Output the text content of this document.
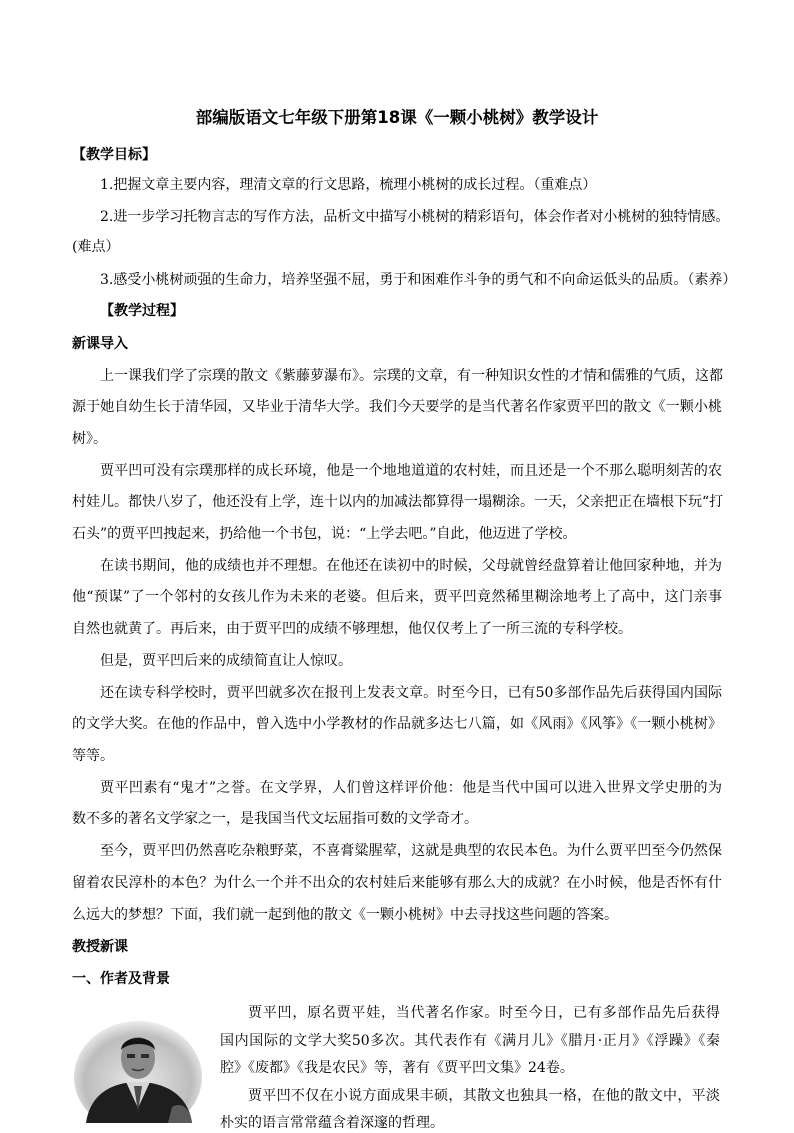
部编版语文七年级下册第18课《一颗小桃树》教学设计
【教学目标】
1.把握文章主要内容，理清文章的行文思路，梳理小桃树的成长过程。（重难点）
2.进一步学习托物言志的写作方法，品析文中描写小桃树的精彩语句，体会作者对小桃树的独特情感。
(难点）
3.感受小桃树顽强的生命力，培养坚强不屈，勇于和困难作斗争的勇气和不向命运低头的品质。（素养）
【教学过程】
新课导入
上一课我们学了宗璞的散文《紫藤萝瀑布》。宗璞的文章，有一种知识女性的才情和儒雅的气质，这都
源于她自幼生长于清华园，又毕业于清华大学。我们今天要学的是当代著名作家贾平凹的散文《一颗小桃
树》。
贾平凹可没有宗璞那样的成长环境，他是一个地地道道的农村娃，而且还是一个不那么聪明刻苦的农
村娃儿。都快八岁了，他还没有上学，连十以内的加减法都算得一塌糊涂。一天，父亲把正在墙根下玩“打
石头”的贾平凹拽起来，扔给他一个书包，说：“上学去吧。”自此，他迈进了学校。
在读书期间，他的成绩也并不理想。在他还在读初中的时候，父母就曾经盘算着让他回家种地，并为
他“预谋”了一个邻村的女孩儿作为未来的老婆。但后来，贾平凹竟然稀里糊涂地考上了高中，这门亲事
自然也就黄了。再后来，由于贾平凹的成绩不够理想，他仅仅考上了一所三流的专科学校。
但是，贾平凹后来的成绩简直让人惊叹。
还在读专科学校时，贾平凹就多次在报刊上发表文章。时至今日，已有50多部作品先后获得国内国际
的文学大奖。在他的作品中，曾入选中小学教材的作品就多达七八篇，如《风雨》《风筝》《一颗小桃树》
等等。
贾平凹素有“鬼才”之誉。在文学界，人们曾这样评价他：他是当代中国可以进入世界文学史册的为
数不多的著名文学家之一，是我国当代文坛屈指可数的文学奇才。
至今，贾平凹仍然喜吃杂粮野菜，不喜膏粱腥荤，这就是典型的农民本色。为什么贾平凹至今仍然保
留着农民淳朴的本色？为什么一个并不出众的农村娃后来能够有那么大的成就？在小时候，他是否怀有什
么远大的梦想？下面，我们就一起到他的散文《一颗小桃树》中去寻找这些问题的答案。
教授新课
一、作者及背景
贾平凹，原名贾平娃，当代著名作家。时至今日，已有多部作品先后获得
国内国际的文学大奖50多次。其代表作有《满月儿》《腊月·正月》《浮躁》《秦
腔》《废都》《我是农民》等，著有《贾平凹文集》24卷。
贾平凹不仅在小说方面成果丰硕，其散文也独具一格，在他的散文中，平淡
朴实的语言常常蕴含着深邃的哲理。
